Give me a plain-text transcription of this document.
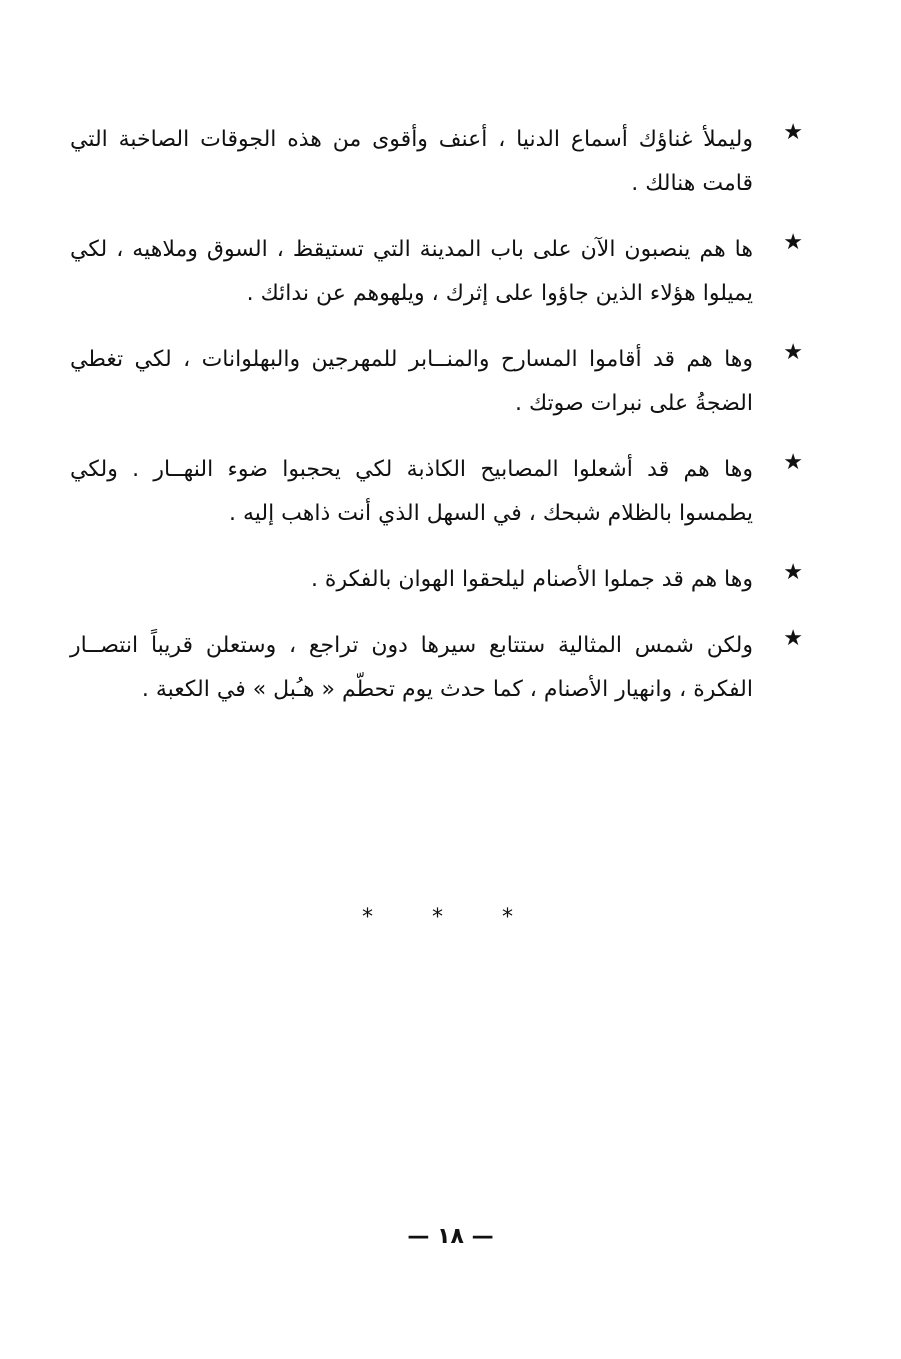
★
وليملأ غناؤك أسماع الدنيا ، أعنف وأقوى من هذه الجوقات الصاخبة التي قامت هنالك .
★
ها هم ينصبون الآن على باب المدينة التي تستيقظ ، السوق وملاهيه ، لكي يميلوا هؤلاء الذين جاؤوا على إثرك ، ويلهوهم عن ندائك .
★
وها هم قد أقاموا المسارح والمنــابر للمهرجين والبهلوانات ، لكي تغطي الضجةُ على نبرات صوتك .
★
وها هم قد أشعلوا المصابيح الكاذبة لكي يحجبوا ضوء النهــار . ولكي يطمسوا بالظلام شبحك ، في السهل الذي أنت ذاهب إليه .
★
وها هم قد جملوا الأصنام ليلحقوا الهوان بالفكرة .
★
ولكن شمس المثالية ستتابع سيرها دون تراجع ، وستعلن قريباً انتصــار الفكرة ، وانهيار الأصنام ، كما حدث يوم تحطّم « هـُبل » في الكعبة .
* * *
— ١٨ —
